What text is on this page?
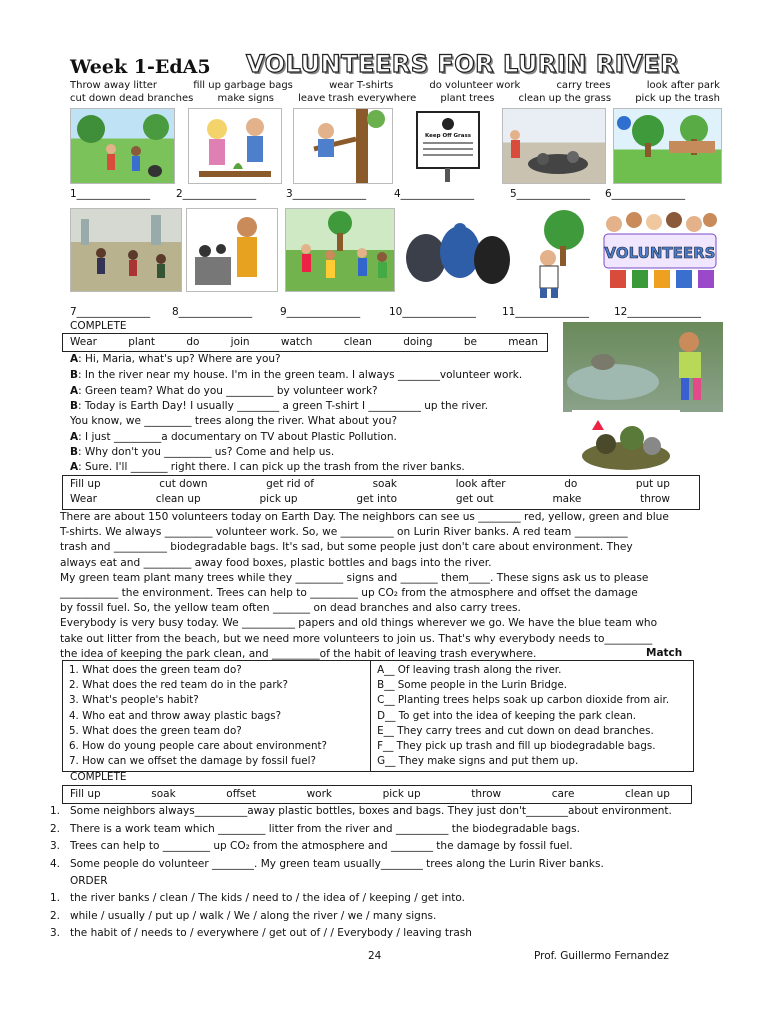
Week 1-EdA5 VOLUNTEERS FOR LURIN RIVER
Throw away litter	fill up garbage bags	wear T-shirts	do volunteer work	carry trees	look after park
cut down dead branches make signs leave trash everywhere plant trees clean up the grass pick up the trash
Keep Off Grass
1______________ 2______________	3______________	4______________	5______________ 6______________
VOLUNTEERS
7______________ 8______________	9______________	10______________ 11______________ 12______________
COMPLETE
Wear	plant	do	join	watch	clean	doing	be	mean
A: Hi, Maria, what's up? Where are you?
B: In the river near my house. I'm in the green team. I always ________volunteer work.
A: Green team? What do you _________ by volunteer work?
B: Today is Earth Day! I usually ________ a green T-shirt I __________ up the river.
You know, we _________ trees along the river. What about you?
A: I just _________a documentary on TV about Plastic Pollution.
B: Why don't you _________ us? Come and help us.
A: Sure. I'll _______ right there. I can pick up the trash from the river banks.
Fill up	cut down	get rid of	soak	look after	do	put up
Wear	clean up	pick up	get into	get out	make	throw
There are about 150 volunteers today on Earth Day. The neighbors can see us ________ red, yellow, green and blue
T-shirts. We always _________ volunteer work. So, we __________ on Lurin River banks. A red team __________
trash and __________ biodegradable bags. It's sad, but some people just don't care about environment. They
always eat and _________ away food boxes, plastic bottles and bags into the river.
My green team plant many trees while they _________ signs and _______ them____. These signs ask us to please
___________ the environment. Trees can help to _________ up CO₂ from the atmosphere and offset the damage
by fossil fuel. So, the yellow team often _______ on dead branches and also carry trees.
Everybody is very busy today. We __________ papers and old things wherever we go. We have the blue team who
take out litter from the beach, but we need more volunteers to join us. That's why everybody needs to_________
the idea of keeping the park clean, and _________of the habit of leaving trash everywhere.	Match
1. What does the green team do?
2. What does the red team do in the park?
3. What's people's habit?
4. Who eat and throw away plastic bags?
5. What does the green team do?
6. How do young people care about environment?
7. How can we offset the damage by fossil fuel?
A__ Of leaving trash along the river.
B__ Some people in the Lurin Bridge.
C__ Planting trees helps soak up carbon dioxide from air.
D__ To get into the idea of keeping the park clean.
E__ They carry trees and cut down on dead branches.
F__ They pick up trash and fill up biodegradable bags.
G__ They make signs and put them up.
COMPLETE
Fill up	soak	offset	work	pick up	throw	care	clean up
1. Some neighbors always__________away plastic bottles, boxes and bags. They just don't________about environment.
2. There is a work team which _________ litter from the river and __________ the biodegradable bags.
3. Trees can help to _________ up CO₂ from the atmosphere and ________ the damage by fossil fuel.
4. Some people do volunteer ________. My green team usually________ trees along the Lurin River banks.
ORDER
1. the river banks / clean / The kids / need to / the idea of / keeping / get into.
2. while / usually / put up / walk / We / along the river / we / many signs.
3. the habit of / needs to / everywhere / get out of / / Everybody / leaving trash
24	Prof. Guillermo Fernandez
